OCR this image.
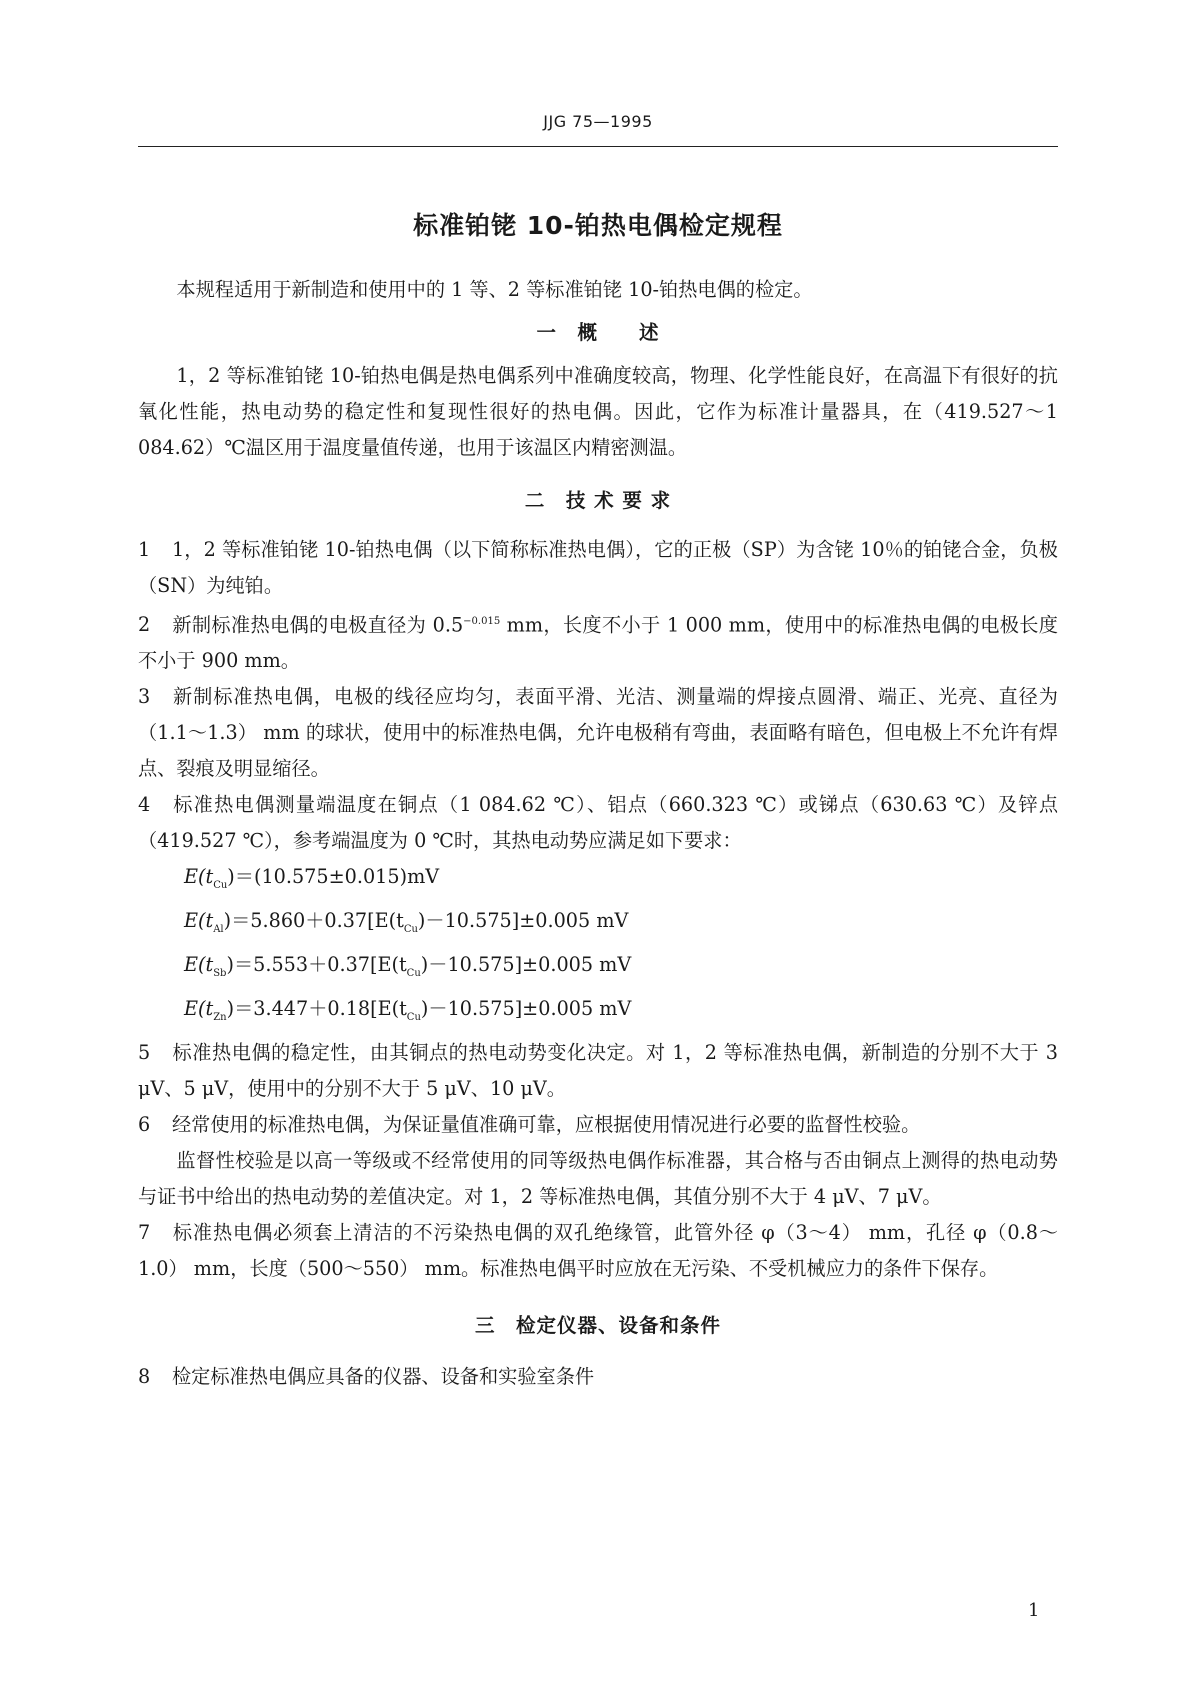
JJG 75—1995
标准铂铑 10-铂热电偶检定规程

本规程适用于新制造和使用中的 1 等、2 等标准铂铑 10-铂热电偶的检定。

一　概　　述

1，2 等标准铂铑 10-铂热电偶是热电偶系列中准确度较高，物理、化学性能良好，在高温下有很好的抗氧化性能，热电动势的稳定性和复现性很好的热电偶。因此，它作为标准计量器具，在（419.527～1 084.62）℃温区用于温度量值传递，也用于该温区内精密测温。

二　技 术 要 求

1 1，2 等标准铂铑 10-铂热电偶（以下简称标准热电偶），它的正极（SP）为含铑 10％的铂铑合金，负极（SN）为纯铂。

2 新制标准热电偶的电极直径为 $0.5^{-0.015}$ mm，长度不小于 1 000 mm，使用中的标准热电偶的电极长度不小于 900 mm。

3 新制标准热电偶，电极的线径应均匀，表面平滑、光洁、测量端的焊接点圆滑、端正、光亮、直径为（1.1～1.3） mm 的球状，使用中的标准热电偶，允许电极稍有弯曲，表面略有暗色，但电极上不允许有焊点、裂痕及明显缩径。

4 标准热电偶测量端温度在铜点（1 084.62 ℃）、铝点（660.323 ℃）或锑点（630.63 ℃）及锌点（419.527 ℃），参考端温度为 0 ℃时，其热电动势应满足如下要求：

$E(t_{Cu})=(10.575\pm 0.015)mV$

$E(t_{Al})=5.860+0.37[E(t_{Cu})-10.575]\pm 0.005$ mV

$E(t_{Sb})=5.553+0.37[E(t_{Cu})-10.575]\pm 0.005$ mV

$E(t_{Zn})=3.447+0.18[E(t_{Cu})-10.575]\pm 0.005$ mV

5 标准热电偶的稳定性，由其铜点的热电动势变化决定。对 1，2 等标准热电偶，新制造的分别不大于 3 μV、5 μV，使用中的分别不大于 5 μV、10 μV。

6 经常使用的标准热电偶，为保证量值准确可靠，应根据使用情况进行必要的监督性校验。

监督性校验是以高一等级或不经常使用的同等级热电偶作标准器，其合格与否由铜点上测得的热电动势与证书中给出的热电动势的差值决定。对 1，2 等标准热电偶，其值分别不大于 4 μV、7 μV。

7 标准热电偶必须套上清洁的不污染热电偶的双孔绝缘管，此管外径 φ（3～4） mm，孔径 φ（0.8～1.0） mm，长度（500～550） mm。标准热电偶平时应放在无污染、不受机械应力的条件下保存。

三　检定仪器、设备和条件

8 检定标准热电偶应具备的仪器、设备和实验室条件

1
